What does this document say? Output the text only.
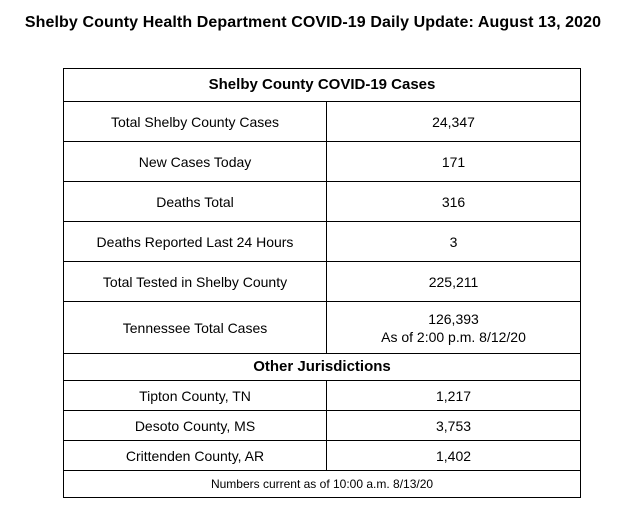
Shelby County Health Department COVID-19 Daily Update: August 13, 2020
Shelby County COVID-19 Cases	
Total Shelby County Cases	24,347
New Cases Today	171
Deaths Total	316
Deaths Reported Last 24 Hours	3
Total Tested in Shelby County	225,211
Tennessee Total Cases	126,393
As of 2:00 p.m. 8/12/20

Other Jurisdictions	
Tipton County, TN	1,217
Desoto County, MS	3,753
Crittenden County, AR	1,402
Numbers current as of 10:00 a.m. 8/13/20	
